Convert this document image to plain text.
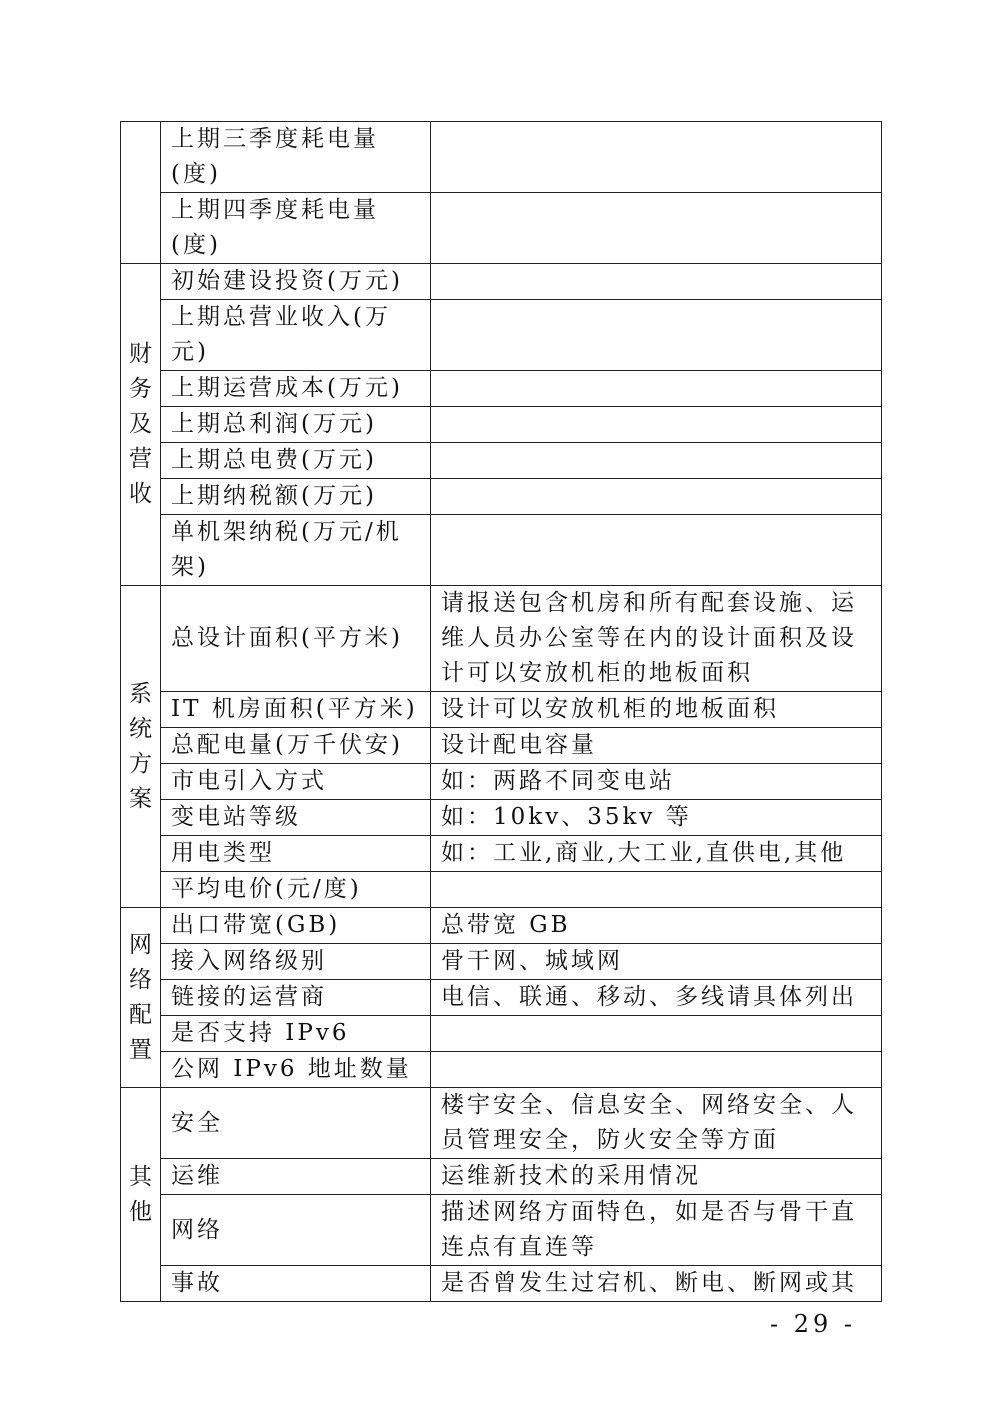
	上期三季度耗电量(度)	
	上期四季度耗电量(度)	
财务及营收	初始建设投资(万元)	
	上期总营业收入(万元)	
	上期运营成本(万元)	
	上期总利润(万元)	
	上期总电费(万元)	
	上期纳税额(万元)	
	单机架纳税(万元/机架)	
系统方案	总设计面积(平方米)	请报送包含机房和所有配套设施、运维人员办公室等在内的设计面积及设计可以安放机柜的地板面积
	IT 机房面积(平方米)	设计可以安放机柜的地板面积
	总配电量(万千伏安)	设计配电容量
	市电引入方式	如：两路不同变电站
	变电站等级	如：10kv、35kv 等
	用电类型	如：工业,商业,大工业,直供电,其他
	平均电价(元/度)	
网络配置	出口带宽(GB)	总带宽 GB
	接入网络级别	骨干网、城域网
	链接的运营商	电信、联通、移动、多线请具体列出
	是否支持 IPv6	
	公网 IPv6 地址数量	
其他	安全	楼宇安全、信息安全、网络安全、人员管理安全，防火安全等方面
	运维	运维新技术的采用情况
	网络	描述网络方面特色，如是否与骨干直连点有直连等
	事故	是否曾发生过宕机、断电、断网或其
- 29 -
